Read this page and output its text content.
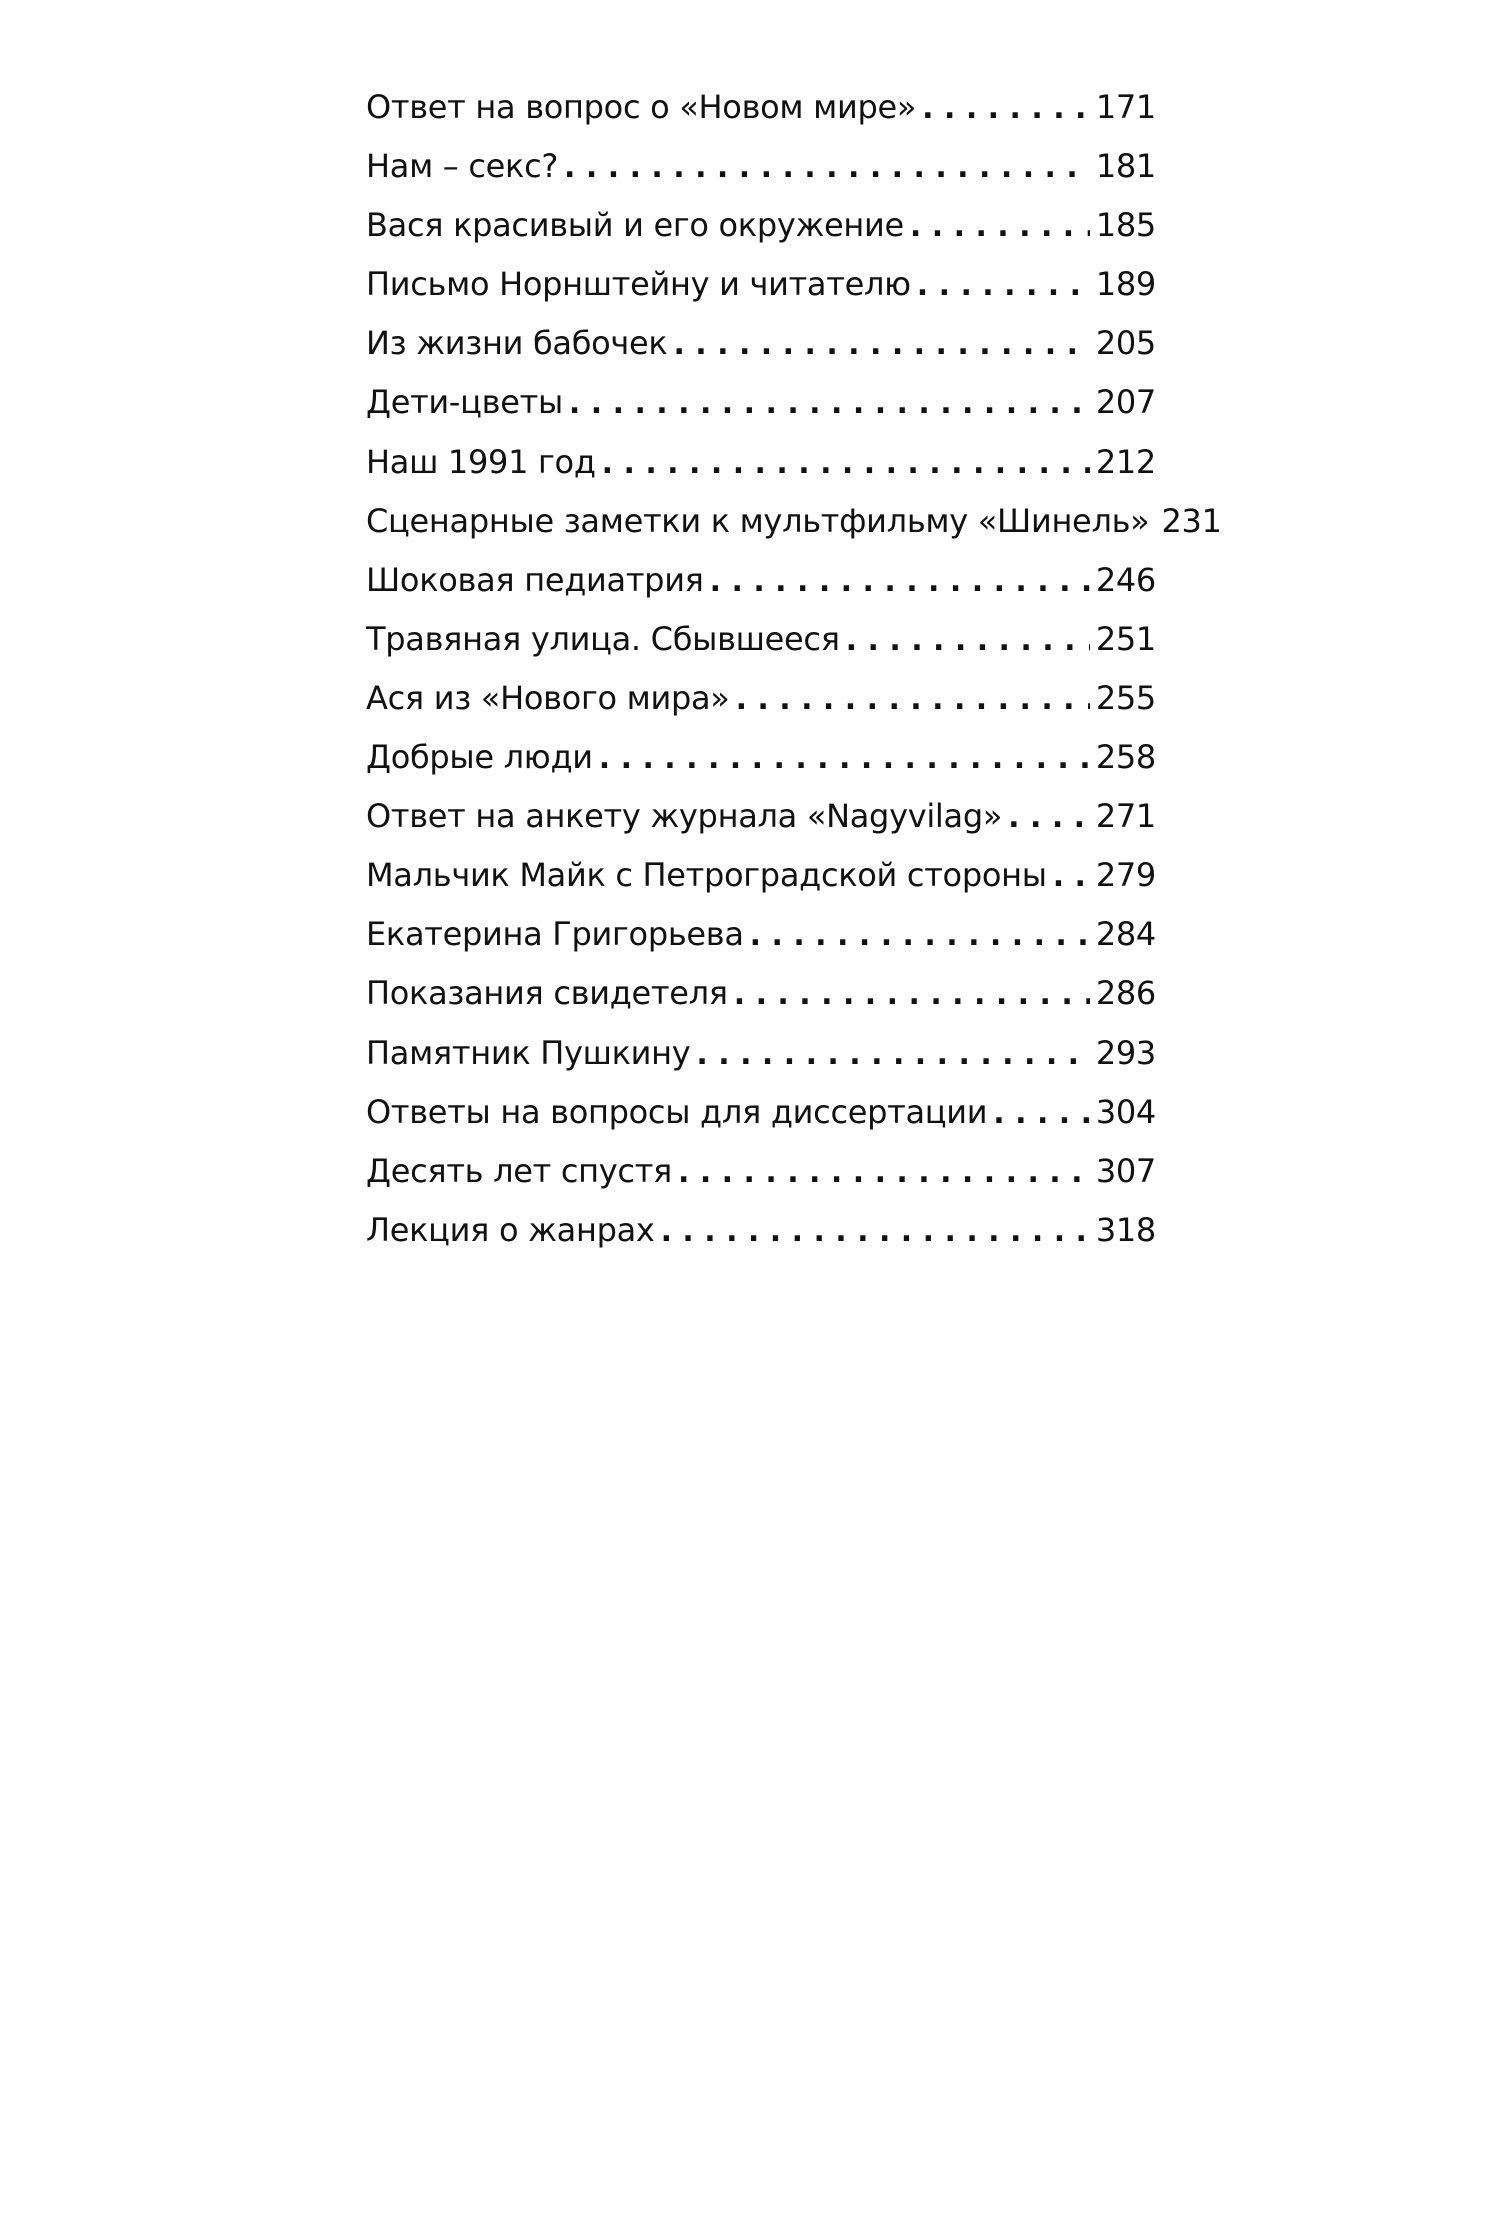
Ответ на вопрос о «Новом мире» . . .	171
Нам – секс? . . .	181
Вася красивый и его окружение . . .	185
Письмо Норнштейну и читателю . . .	189
Из жизни бабочек . . .	205
Дети-цветы . . .	207
Наш 1991 год . . .	212
Сценарные заметки к мультфильму «Шинель» 231
Шоковая педиатрия . . .	246
Травяная улица. Сбывшееся . . .	251
Ася из «Нового мира» . . .	255
Добрые люди . . .	258
Ответ на анкету журнала «Nagyvilag» . . .	271
Мальчик Майк с Петроградской стороны . . . 279
Екатерина Григорьева . . .	284
Показания свидетеля . . .	286
Памятник Пушкину . . .	293
Ответы на вопросы для диссертации . . .	304
Десять лет спустя . . .	307
Лекция о жанрах . . .	318
